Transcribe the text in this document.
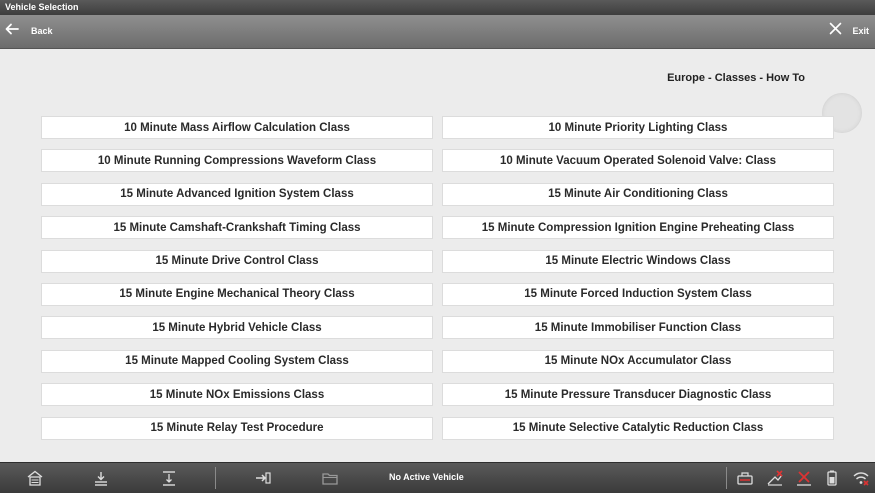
Vehicle Selection
Back	Exit
Europe - Classes - How To
10 Minute Mass Airflow Calculation Class	10 Minute Priority Lighting Class
10 Minute Running Compressions Waveform Class	10 Minute Vacuum Operated Solenoid Valve: Class
15 Minute Advanced Ignition System Class	15 Minute Air Conditioning Class
15 Minute Camshaft-Crankshaft Timing Class	15 Minute Compression Ignition Engine Preheating Class
15 Minute Drive Control Class	15 Minute Electric Windows Class
15 Minute Engine Mechanical Theory Class	15 Minute Forced Induction System Class
15 Minute Hybrid Vehicle Class	15 Minute Immobiliser Function Class
15 Minute Mapped Cooling System Class	15 Minute NOx Accumulator Class
15 Minute NOx Emissions Class	15 Minute Pressure Transducer Diagnostic Class
15 Minute Relay Test Procedure	15 Minute Selective Catalytic Reduction Class
No Active Vehicle
